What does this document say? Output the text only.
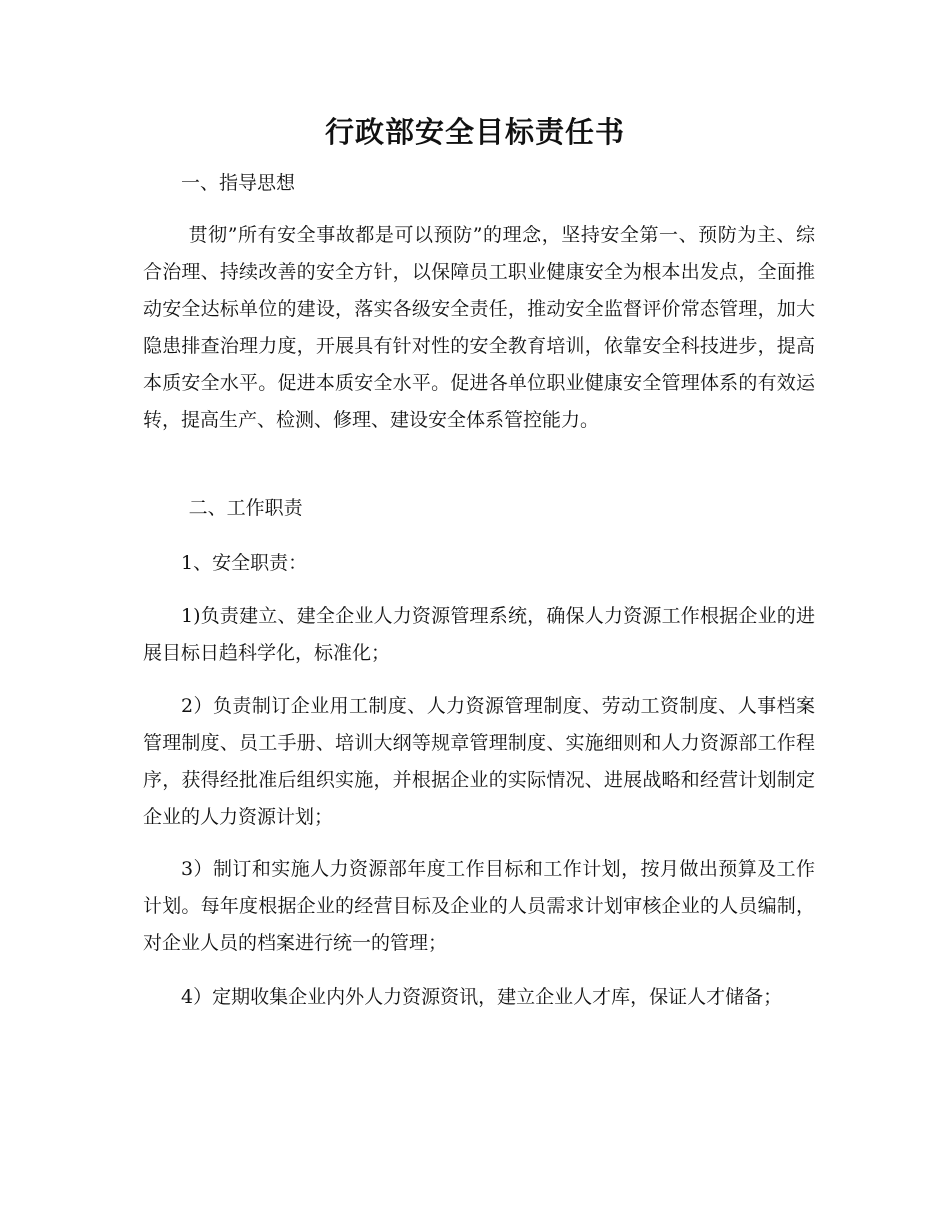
行政部安全目标责任书

一、指导思想

贯彻”所有安全事故都是可以预防”的理念，坚持安全第一、预防为主、综合治理、持续改善的安全方针，以保障员工职业健康安全为根本出发点，全面推动安全达标单位的建设，落实各级安全责任，推动安全监督评价常态管理，加大隐患排查治理力度，开展具有针对性的安全教育培训，依靠安全科技进步，提高本质安全水平。促进本质安全水平。促进各单位职业健康安全管理体系的有效运转，提高生产、检测、修理、建设安全体系管控能力。

二、工作职责

1、安全职责：

1)负责建立、建全企业人力资源管理系统，确保人力资源工作根据企业的进展目标日趋科学化，标准化；

2）负责制订企业用工制度、人力资源管理制度、劳动工资制度、人事档案管理制度、员工手册、培训大纲等规章管理制度、实施细则和人力资源部工作程序，获得经批准后组织实施，并根据企业的实际情况、进展战略和经营计划制定企业的人力资源计划；

3）制订和实施人力资源部年度工作目标和工作计划，按月做出预算及工作计划。每年度根据企业的经营目标及企业的人员需求计划审核企业的人员编制，对企业人员的档案进行统一的管理；

4）定期收集企业内外人力资源资讯，建立企业人才库，保证人才储备；
